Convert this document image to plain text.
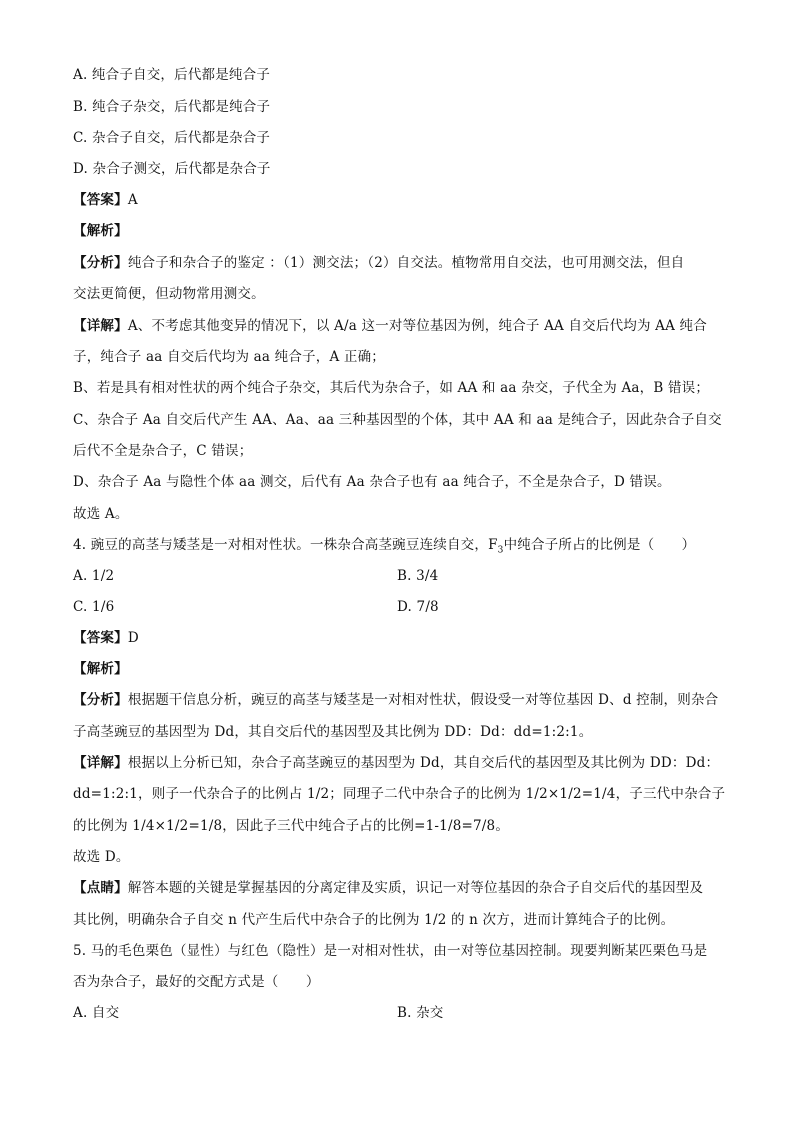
A. 纯合子自交，后代都是纯合子
B. 纯合子杂交，后代都是纯合子
C. 杂合子自交，后代都是杂合子
D. 杂合子测交，后代都是杂合子
【答案】A
【解析】
【分析】纯合子和杂合子的鉴定 ：（1）测交法；（2）自交法。植物常用自交法，也可用测交法，但自
交法更简便，但动物常用测交。
【详解】A、不考虑其他变异的情况下，以 A/a 这一对等位基因为例，纯合子 AA 自交后代均为 AA 纯合
子，纯合子 aa 自交后代均为 aa 纯合子，A 正确；
B、若是具有相对性状的两个纯合子杂交，其后代为杂合子，如 AA 和 aa 杂交，子代全为 Aa，B 错误；
C、杂合子 Aa 自交后代产生 AA、Aa、aa 三种基因型的个体，其中 AA 和 aa 是纯合子，因此杂合子自交
后代不全是杂合子，C 错误；
D、杂合子 Aa 与隐性个体 aa 测交，后代有 Aa 杂合子也有 aa 纯合子，不全是杂合子，D 错误。
故选 A。
4. 豌豆的高茎与矮茎是一对相对性状。一株杂合高茎豌豆连续自交，$F_3$中纯合子所占的比例是（　　）
A. 1/2	B. 3/4
C. 1/6	D. 7/8
【答案】D
【解析】
【分析】根据题干信息分析，豌豆的高茎与矮茎是一对相对性状，假设受一对等位基因 D、d 控制，则杂合
子高茎豌豆的基因型为 Dd，其自交后代的基因型及其比例为 DD：Dd：dd=1:2:1。
【详解】根据以上分析已知，杂合子高茎豌豆的基因型为 Dd，其自交后代的基因型及其比例为 DD：Dd：
dd=1:2:1，则子一代杂合子的比例占 1/2；同理子二代中杂合子的比例为 1/2×1/2=1/4，子三代中杂合子
的比例为 1/4×1/2=1/8，因此子三代中纯合子占的比例=1-1/8=7/8。
故选 D。
【点睛】解答本题的关键是掌握基因的分离定律及实质，识记一对等位基因的杂合子自交后代的基因型及
其比例，明确杂合子自交 n 代产生后代中杂合子的比例为 1/2 的 n 次方，进而计算纯合子的比例。
5. 马的毛色栗色（显性）与红色（隐性）是一对相对性状，由一对等位基因控制。现要判断某匹栗色马是
否为杂合子，最好的交配方式是（　　）
A. 自交	B. 杂交
